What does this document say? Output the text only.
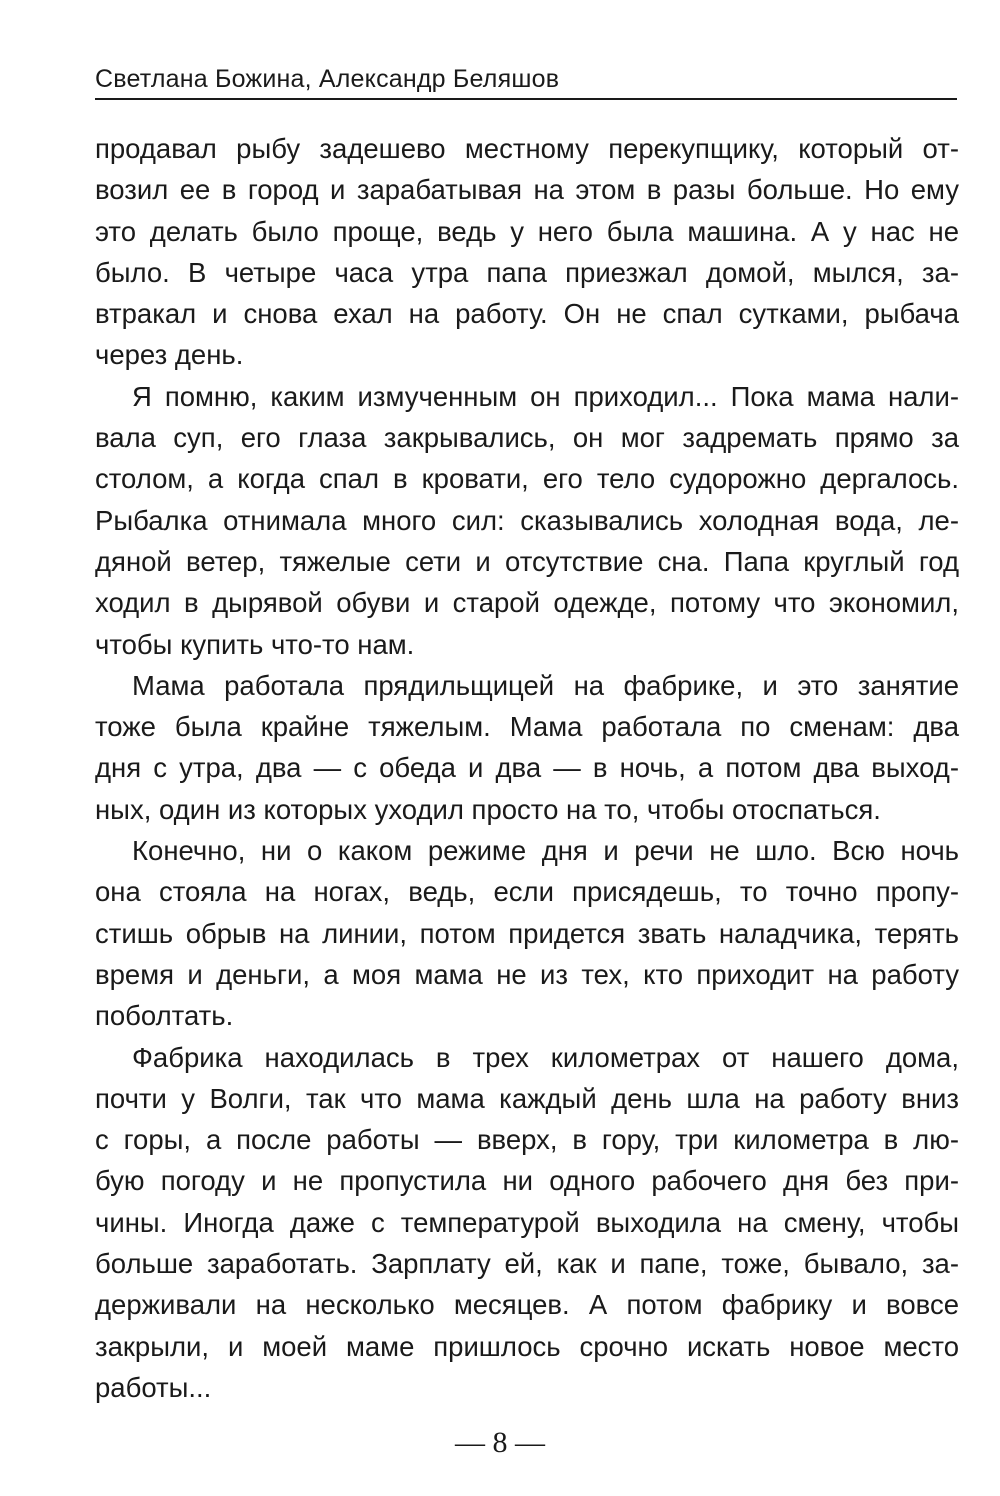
Светлана Божина, Александр Беляшов
продавал рыбу задешево местному перекупщику, который от-
возил ее в город и зарабатывая на этом в разы больше. Но ему
это делать было проще, ведь у него была машина. А у нас не
было. В четыре часа утра папа приезжал домой, мылся, за-
втракал и снова ехал на работу. Он не спал сутками, рыбача
через день.
Я помню, каким измученным он приходил... Пока мама нали-
вала суп, его глаза закрывались, он мог задремать прямо за
столом, а когда спал в кровати, его тело судорожно дергалось.
Рыбалка отнимала много сил: сказывались холодная вода, ле-
дяной ветер, тяжелые сети и отсутствие сна. Папа круглый год
ходил в дырявой обуви и старой одежде, потому что экономил,
чтобы купить что-то нам.
Мама работала прядильщицей на фабрике, и это занятие
тоже была крайне тяжелым. Мама работала по сменам: два
дня с утра, два — с обеда и два — в ночь, а потом два выход-
ных, один из которых уходил просто на то, чтобы отоспаться.
Конечно, ни о каком режиме дня и речи не шло. Всю ночь
она стояла на ногах, ведь, если присядешь, то точно пропу-
стишь обрыв на линии, потом придется звать наладчика, терять
время и деньги, а моя мама не из тех, кто приходит на работу
поболтать.
Фабрика находилась в трех километрах от нашего дома,
почти у Волги, так что мама каждый день шла на работу вниз
с горы, а после работы — вверх, в гору, три километра в лю-
бую погоду и не пропустила ни одного рабочего дня без при-
чины. Иногда даже с температурой выходила на смену, чтобы
больше заработать. Зарплату ей, как и папе, тоже, бывало, за-
держивали на несколько месяцев. А потом фабрику и вовсе
закрыли, и моей маме пришлось срочно искать новое место
работы...
— 8 —
